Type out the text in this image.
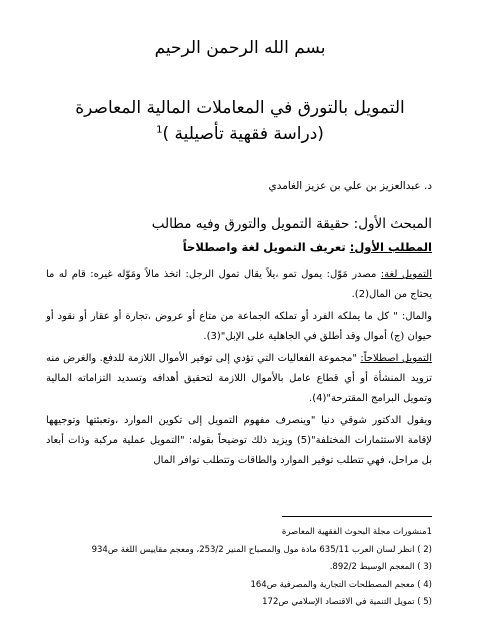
بسم الله الرحمن الرحيم
التمويل بالتورق في المعاملات المالية المعاصرة
(دراسة فقهية تأصيلية )$^1$
د. عبدالعزيز بن علي بن عزيز الغامدي
المبحث الأول: حقيقة التمويل والتورق وفيه مطالب
المطلب الأول: تعريف التمويل لغة واصطلاحاً

التمويل لغة: مصدر مَوّل: يمول تمو ،يلاً يقال تمول الرجل: اتخذ مالاً ومَوّله غيره: قام له ما يحتاج من المال(2).

والمال: " كل ما يملكه الفرد أو تملكه الجماعة من متاع أو عروض ،تجارة أو عقار أو نقود أو حيوان (ج) أموال وقد أطلق في الجاهلية على الإبل"(3).

التمويل اصطلاحاً: "مجموعة الفعاليات التي تؤدي إلى توفير الأموال اللازمة للدفع. والغرض منه تزويد المنشأة أو أي قطاع عامل بالأموال اللازمة لتحقيق أهدافه وتسديد التزاماته المالية وتمويل البرامج المقترحة"(4).

ويقول الدكتور شوقي دنيا "وينصرف مفهوم التمويل إلى تكوين الموارد ،وتعبئتها وتوجيهها لإقامة الاستثمارات المختلفة"(5) ويزيد ذلك توضيحاً بقوله: "التمويل عملية مركبة وذات أبعاد بل مراحل، فهي تتطلب توفير الموارد والطاقات وتتطلب توافر المال

1منشورات مجلة البحوث الفقهية المعاصرة
(2 ) انظر لسان العرب 635/11 مادة مول والمصباح المنير 253/2، ومعجم مقاييس اللغة ص934
(3 ) المعجم الوسيط 892/2.
(4 ) معجم المصطلحات التجارية والمصرفية ص164
(5 ) تمويل التنمية في الاقتصاد الإسلامي ص172
